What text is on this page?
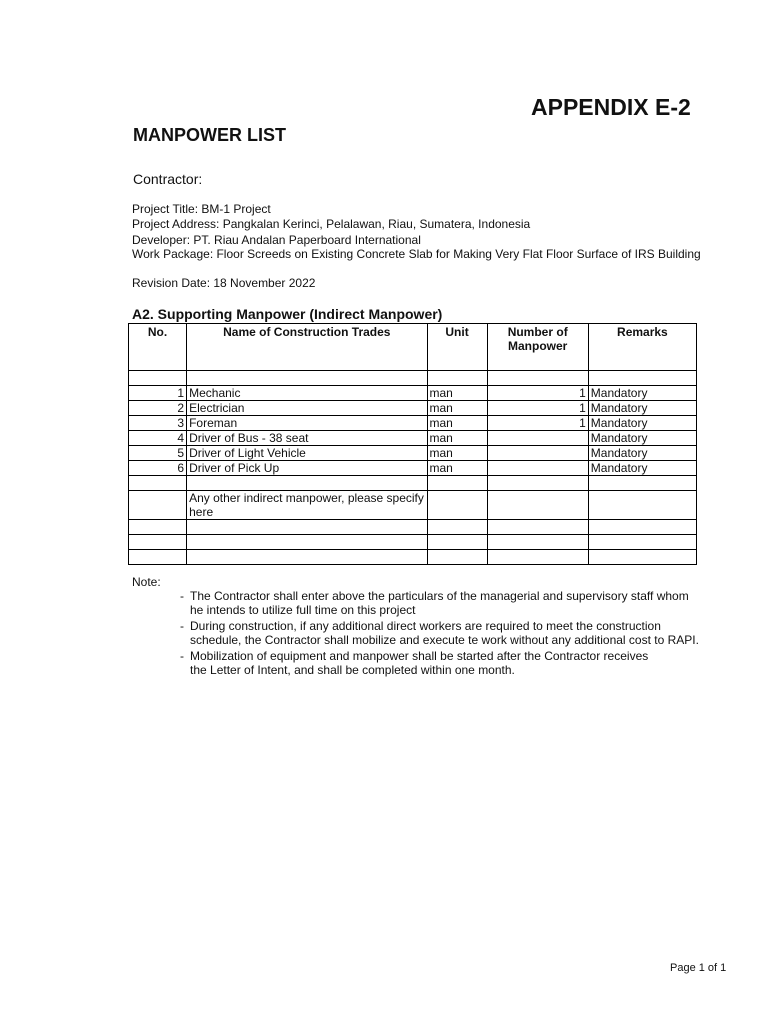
APPENDIX E-2
MANPOWER LIST
Contractor:
Project Title: BM-1 Project
Project Address: Pangkalan Kerinci, Pelalawan, Riau, Sumatera, Indonesia
Developer: PT. Riau Andalan Paperboard International
Work Package: Floor Screeds on Existing Concrete Slab for Making Very Flat Floor Surface of IRS Building
Revision Date: 18 November 2022
A2. Supporting Manpower (Indirect Manpower)
No.	Name of Construction Trades	Unit	Number of Manpower	Remarks

1	Mechanic	man	1	Mandatory
2	Electrician	man	1	Mandatory
3	Foreman	man	1	Mandatory
4	Driver of Bus - 38 seat	man		Mandatory
5	Driver of Light Vehicle	man		Mandatory
6	Driver of Pick Up	man		Mandatory

	Any other indirect manpower, please specify here			

Note:
- The Contractor shall enter above the particulars of the managerial and supervisory staff whom
he intends to utilize full time on this project
- During construction, if any additional direct workers are required to meet the construction
schedule, the Contractor shall mobilize and execute te work without any additional cost to RAPI.
- Mobilization of equipment and manpower shall be started after the Contractor receives
the Letter of Intent, and shall be completed within one month.
Page 1 of 1
